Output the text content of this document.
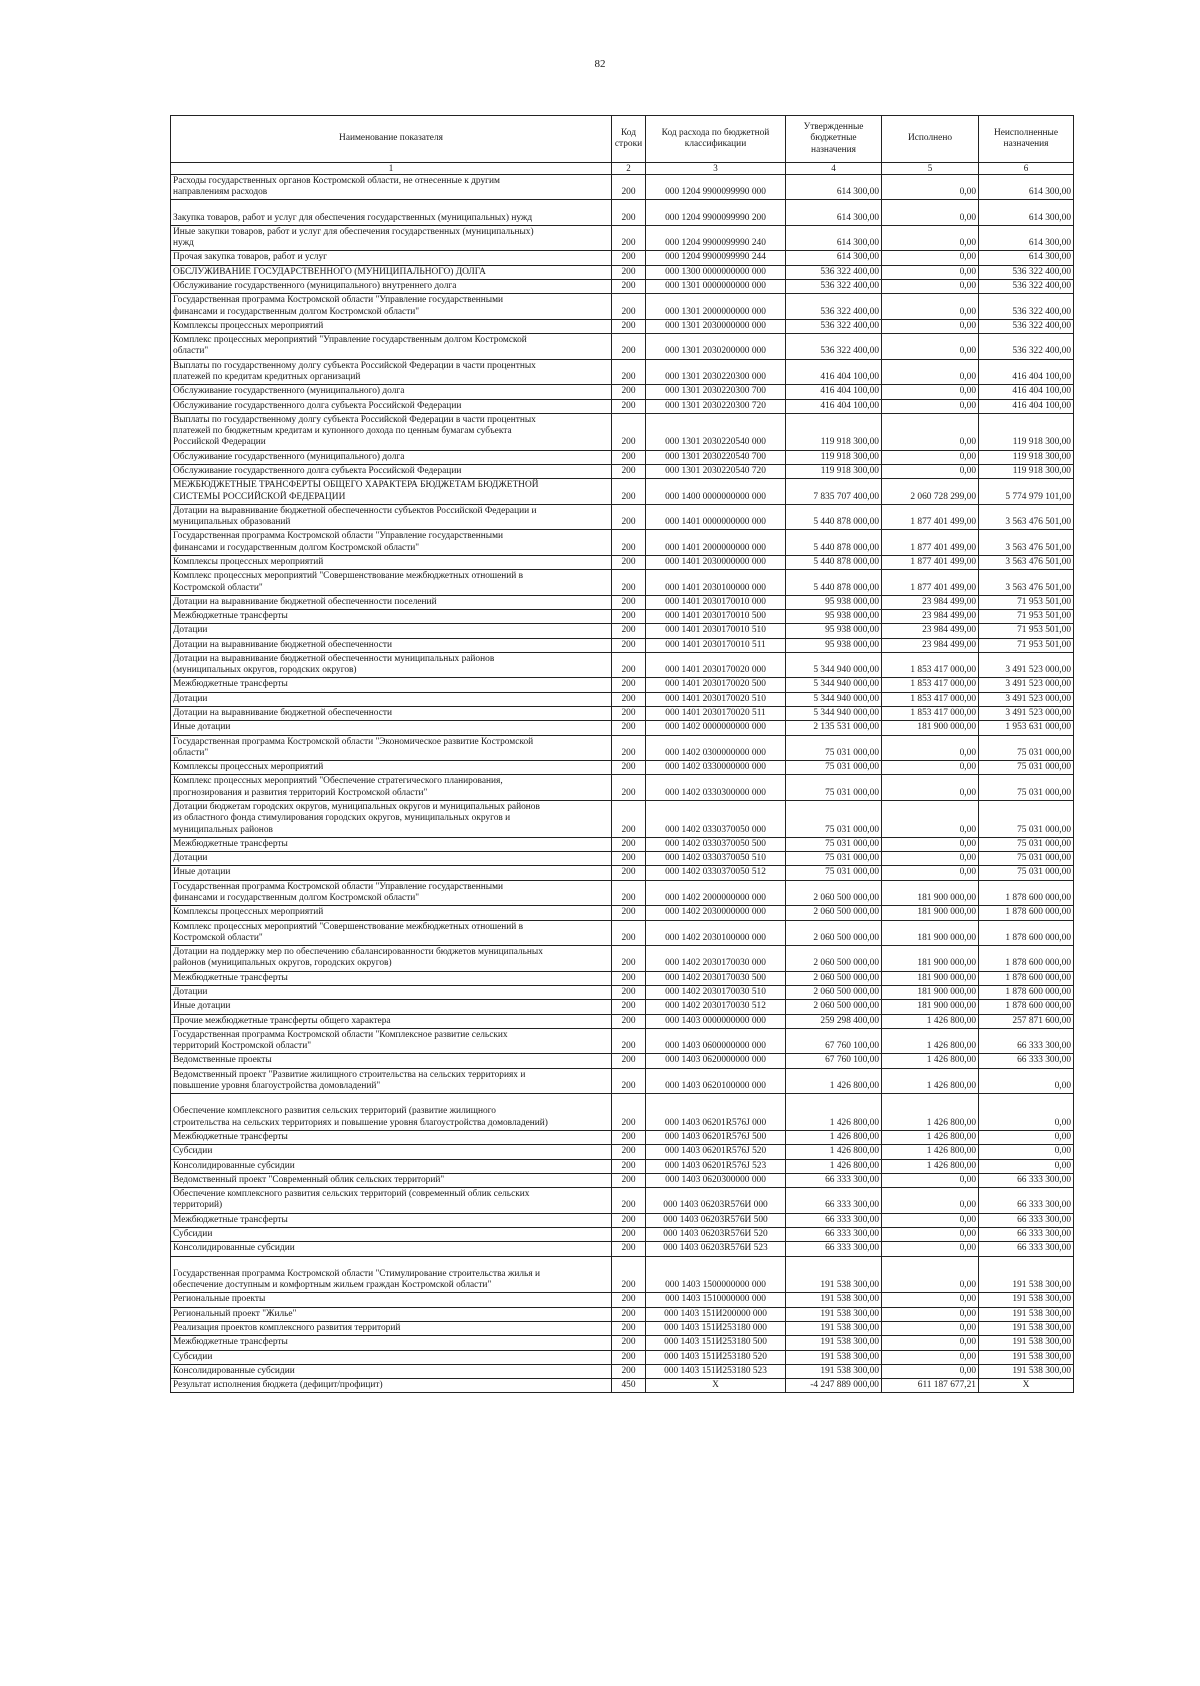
82
Наименование показателя	Код строки	Код расхода по бюджетной классификации	Утвержденные бюджетные назначения	Исполнено	Неисполненные назначения
1	2	3	4	5	6
Расходы государственных органов Костромской области, не отнесенные к другим
направлениям расходов	200	000 1204 9900099990 000	614 300,00	0,00	614 300,00

Закупка товаров, работ и услуг для обеспечения государственных (муниципальных) нужд	200	000 1204 9900099990 200	614 300,00	0,00	614 300,00
Иные закупки товаров, работ и услуг для обеспечения государственных (муниципальных)
нужд	200	000 1204 9900099990 240	614 300,00	0,00	614 300,00
Прочая закупка товаров, работ и услуг	200	000 1204 9900099990 244	614 300,00	0,00	614 300,00
ОБСЛУЖИВАНИЕ ГОСУДАРСТВЕННОГО (МУНИЦИПАЛЬНОГО) ДОЛГА	200	000 1300 0000000000 000	536 322 400,00	0,00	536 322 400,00
Обслуживание государственного (муниципального) внутреннего долга	200	000 1301 0000000000 000	536 322 400,00	0,00	536 322 400,00
Государственная программа Костромской области "Управление государственными
финансами и государственным долгом Костромской области"	200	000 1301 2000000000 000	536 322 400,00	0,00	536 322 400,00
Комплексы процессных мероприятий	200	000 1301 2030000000 000	536 322 400,00	0,00	536 322 400,00
Комплекс процессных мероприятий "Управление государственным долгом Костромской
области"	200	000 1301 2030200000 000	536 322 400,00	0,00	536 322 400,00
Выплаты по государственному долгу субъекта Российской Федерации в части процентных
платежей по кредитам кредитных организаций	200	000 1301 2030220300 000	416 404 100,00	0,00	416 404 100,00
Обслуживание государственного (муниципального) долга	200	000 1301 2030220300 700	416 404 100,00	0,00	416 404 100,00
Обслуживание государственного долга субъекта Российской Федерации	200	000 1301 2030220300 720	416 404 100,00	0,00	416 404 100,00
Выплаты по государственному долгу субъекта Российской Федерации в части процентных
платежей по бюджетным кредитам и купонного дохода по ценным бумагам субъекта
Российской Федерации	200	000 1301 2030220540 000	119 918 300,00	0,00	119 918 300,00
Обслуживание государственного (муниципального) долга	200	000 1301 2030220540 700	119 918 300,00	0,00	119 918 300,00
Обслуживание государственного долга субъекта Российской Федерации	200	000 1301 2030220540 720	119 918 300,00	0,00	119 918 300,00
МЕЖБЮДЖЕТНЫЕ ТРАНСФЕРТЫ ОБЩЕГО ХАРАКТЕРА БЮДЖЕТАМ БЮДЖЕТНОЙ
СИСТЕМЫ РОССИЙСКОЙ ФЕДЕРАЦИИ	200	000 1400 0000000000 000	7 835 707 400,00	2 060 728 299,00	5 774 979 101,00
Дотации на выравнивание бюджетной обеспеченности субъектов Российской Федерации и
муниципальных образований	200	000 1401 0000000000 000	5 440 878 000,00	1 877 401 499,00	3 563 476 501,00
Государственная программа Костромской области "Управление государственными
финансами и государственным долгом Костромской области"	200	000 1401 2000000000 000	5 440 878 000,00	1 877 401 499,00	3 563 476 501,00
Комплексы процессных мероприятий	200	000 1401 2030000000 000	5 440 878 000,00	1 877 401 499,00	3 563 476 501,00
Комплекс процессных мероприятий "Совершенствование межбюджетных отношений в
Костромской области"	200	000 1401 2030100000 000	5 440 878 000,00	1 877 401 499,00	3 563 476 501,00
Дотации на выравнивание бюджетной обеспеченности поселений	200	000 1401 2030170010 000	95 938 000,00	23 984 499,00	71 953 501,00
Межбюджетные трансферты	200	000 1401 2030170010 500	95 938 000,00	23 984 499,00	71 953 501,00
Дотации	200	000 1401 2030170010 510	95 938 000,00	23 984 499,00	71 953 501,00
Дотации на выравнивание бюджетной обеспеченности	200	000 1401 2030170010 511	95 938 000,00	23 984 499,00	71 953 501,00
Дотации на выравнивание бюджетной обеспеченности муниципальных районов
(муниципальных округов, городских округов)	200	000 1401 2030170020 000	5 344 940 000,00	1 853 417 000,00	3 491 523 000,00
Межбюджетные трансферты	200	000 1401 2030170020 500	5 344 940 000,00	1 853 417 000,00	3 491 523 000,00
Дотации	200	000 1401 2030170020 510	5 344 940 000,00	1 853 417 000,00	3 491 523 000,00
Дотации на выравнивание бюджетной обеспеченности	200	000 1401 2030170020 511	5 344 940 000,00	1 853 417 000,00	3 491 523 000,00
Иные дотации	200	000 1402 0000000000 000	2 135 531 000,00	181 900 000,00	1 953 631 000,00
Государственная программа Костромской области "Экономическое развитие Костромской
области"	200	000 1402 0300000000 000	75 031 000,00	0,00	75 031 000,00
Комплексы процессных мероприятий	200	000 1402 0330000000 000	75 031 000,00	0,00	75 031 000,00
Комплекс процессных мероприятий "Обеспечение стратегического планирования,
прогнозирования и развития территорий Костромской области"	200	000 1402 0330300000 000	75 031 000,00	0,00	75 031 000,00
Дотации бюджетам городских округов, муниципальных округов и муниципальных районов
из областного фонда стимулирования городских округов, муниципальных округов и
муниципальных районов	200	000 1402 0330370050 000	75 031 000,00	0,00	75 031 000,00
Межбюджетные трансферты	200	000 1402 0330370050 500	75 031 000,00	0,00	75 031 000,00
Дотации	200	000 1402 0330370050 510	75 031 000,00	0,00	75 031 000,00
Иные дотации	200	000 1402 0330370050 512	75 031 000,00	0,00	75 031 000,00
Государственная программа Костромской области "Управление государственными
финансами и государственным долгом Костромской области"	200	000 1402 2000000000 000	2 060 500 000,00	181 900 000,00	1 878 600 000,00
Комплексы процессных мероприятий	200	000 1402 2030000000 000	2 060 500 000,00	181 900 000,00	1 878 600 000,00
Комплекс процессных мероприятий "Совершенствование межбюджетных отношений в
Костромской области"	200	000 1402 2030100000 000	2 060 500 000,00	181 900 000,00	1 878 600 000,00
Дотации на поддержку мер по обеспечению сбалансированности бюджетов муниципальных
районов (муниципальных округов, городских округов)	200	000 1402 2030170030 000	2 060 500 000,00	181 900 000,00	1 878 600 000,00
Межбюджетные трансферты	200	000 1402 2030170030 500	2 060 500 000,00	181 900 000,00	1 878 600 000,00
Дотации	200	000 1402 2030170030 510	2 060 500 000,00	181 900 000,00	1 878 600 000,00
Иные дотации	200	000 1402 2030170030 512	2 060 500 000,00	181 900 000,00	1 878 600 000,00
Прочие межбюджетные трансферты общего характера	200	000 1403 0000000000 000	259 298 400,00	1 426 800,00	257 871 600,00
Государственная программа Костромской области "Комплексное развитие сельских
территорий Костромской области"	200	000 1403 0600000000 000	67 760 100,00	1 426 800,00	66 333 300,00
Ведомственные проекты	200	000 1403 0620000000 000	67 760 100,00	1 426 800,00	66 333 300,00
Ведомственный проект "Развитие жилищного строительства на сельских территориях и
повышение уровня благоустройства домовладений"	200	000 1403 0620100000 000	1 426 800,00	1 426 800,00	0,00

Обеспечение комплексного развития сельских территорий (развитие жилищного
строительства на сельских территориях и повышение уровня благоустройства домовладений)	200	000 1403 06201R576J 000	1 426 800,00	1 426 800,00	0,00
Межбюджетные трансферты	200	000 1403 06201R576J 500	1 426 800,00	1 426 800,00	0,00
Субсидии	200	000 1403 06201R576J 520	1 426 800,00	1 426 800,00	0,00
Консолидированные субсидии	200	000 1403 06201R576J 523	1 426 800,00	1 426 800,00	0,00
Ведомственный проект "Современный облик сельских территорий"	200	000 1403 0620300000 000	66 333 300,00	0,00	66 333 300,00
Обеспечение комплексного развития сельских территорий (современный облик сельских
территорий)	200	000 1403 06203R576И 000	66 333 300,00	0,00	66 333 300,00
Межбюджетные трансферты	200	000 1403 06203R576И 500	66 333 300,00	0,00	66 333 300,00
Субсидии	200	000 1403 06203R576И 520	66 333 300,00	0,00	66 333 300,00
Консолидированные субсидии	200	000 1403 06203R576И 523	66 333 300,00	0,00	66 333 300,00

Государственная программа Костромской области "Стимулирование строительства жилья и
обеспечение доступным и комфортным жильем граждан Костромской области"	200	000 1403 1500000000 000	191 538 300,00	0,00	191 538 300,00
Региональные проекты	200	000 1403 1510000000 000	191 538 300,00	0,00	191 538 300,00
Региональный проект "Жилье"	200	000 1403 151И200000 000	191 538 300,00	0,00	191 538 300,00
Реализация проектов комплексного развития территорий	200	000 1403 151И253180 000	191 538 300,00	0,00	191 538 300,00
Межбюджетные трансферты	200	000 1403 151И253180 500	191 538 300,00	0,00	191 538 300,00
Субсидии	200	000 1403 151И253180 520	191 538 300,00	0,00	191 538 300,00
Консолидированные субсидии	200	000 1403 151И253180 523	191 538 300,00	0,00	191 538 300,00
Результат исполнения бюджета (дефицит/профицит)	450	X	-4 247 889 000,00	611 187 677,21	X
